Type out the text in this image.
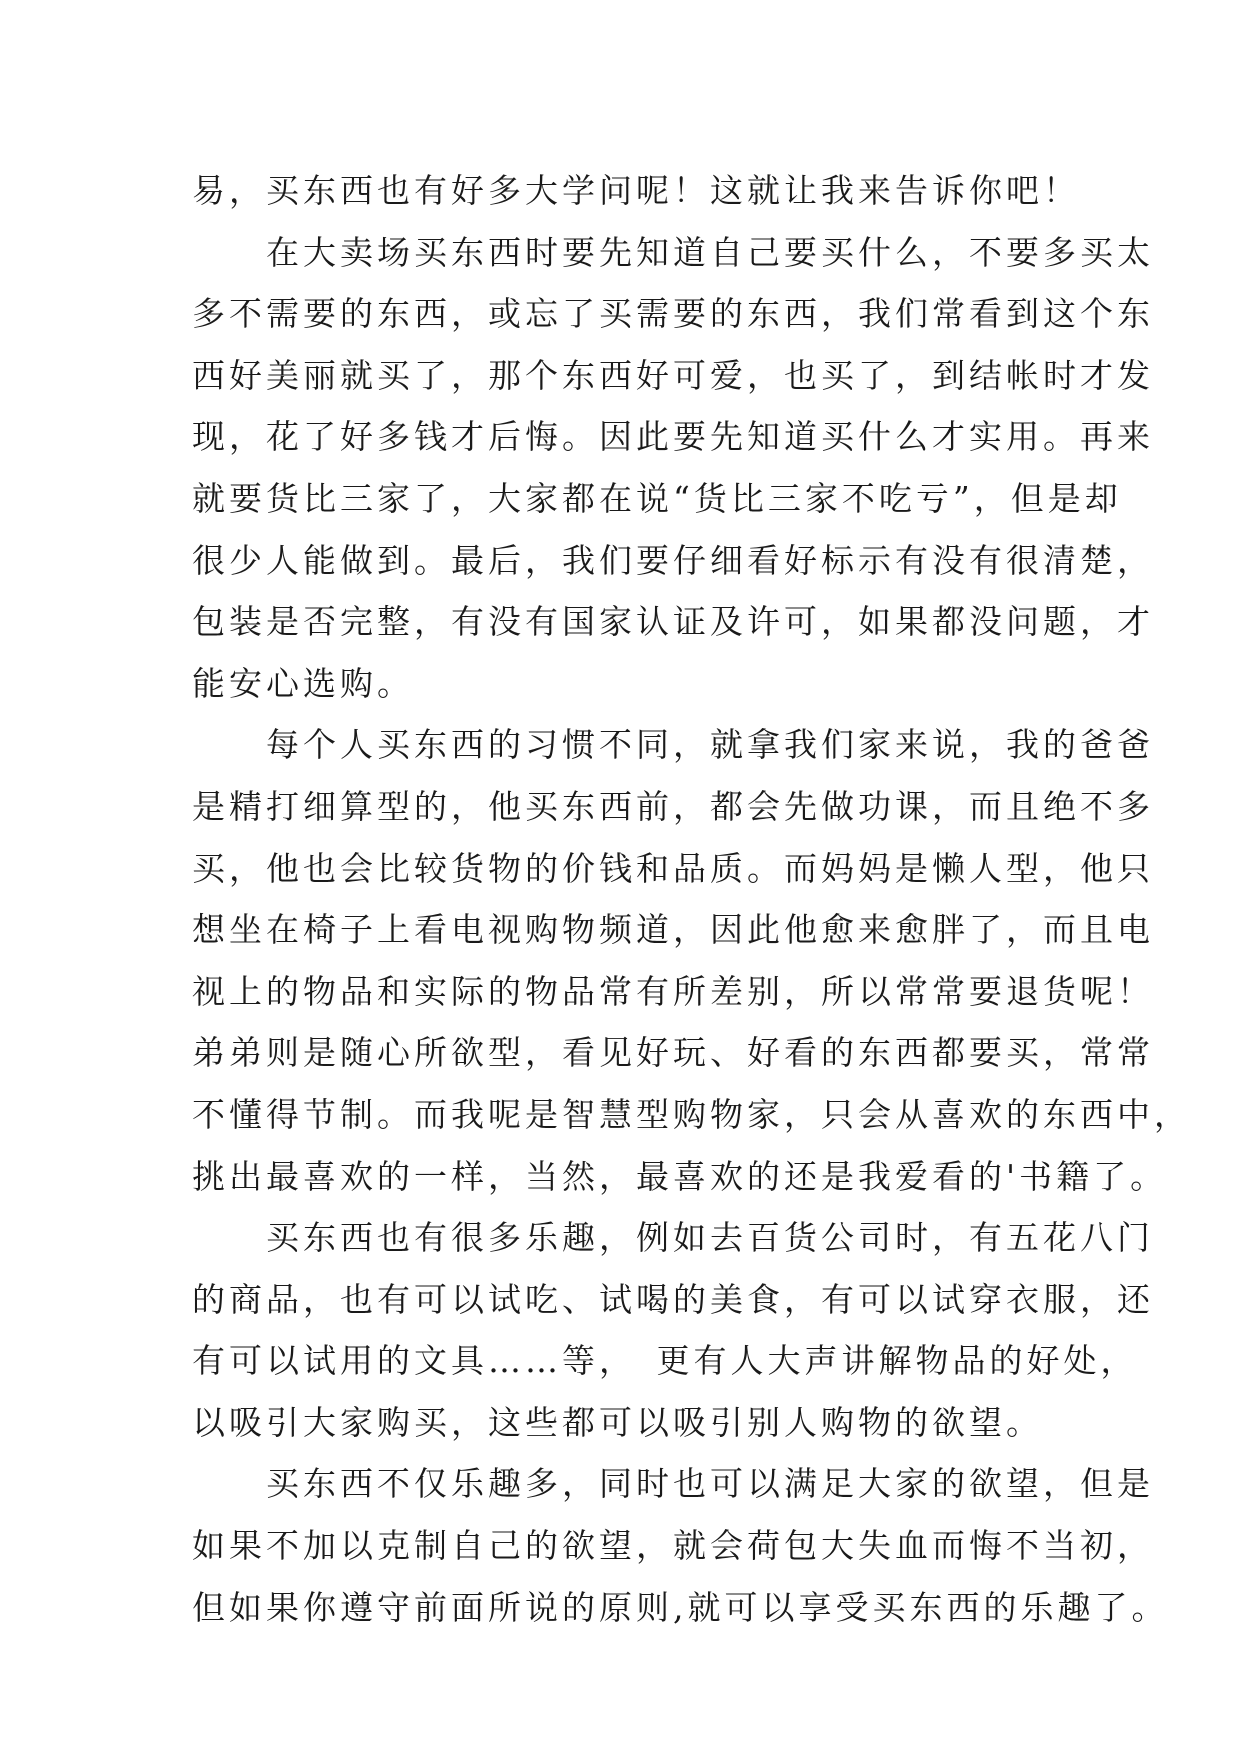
易，买东西也有好多大学问呢！这就让我来告诉你吧！
　　在大卖场买东西时要先知道自己要买什么，不要多买太
多不需要的东西，或忘了买需要的东西，我们常看到这个东
西好美丽就买了，那个东西好可爱，也买了，到结帐时才发
现，花了好多钱才后悔。因此要先知道买什么才实用。再来
就要货比三家了，大家都在说“货比三家不吃亏”，但是却
很少人能做到。最后，我们要仔细看好标示有没有很清楚，
包装是否完整，有没有国家认证及许可，如果都没问题，才
能安心选购。
　　每个人买东西的习惯不同，就拿我们家来说，我的爸爸
是精打细算型的，他买东西前，都会先做功课，而且绝不多
买，他也会比较货物的价钱和品质。而妈妈是懒人型，他只
想坐在椅子上看电视购物频道，因此他愈来愈胖了，而且电
视上的物品和实际的物品常有所差别，所以常常要退货呢！
弟弟则是随心所欲型，看见好玩、好看的东西都要买，常常
不懂得节制。而我呢是智慧型购物家，只会从喜欢的东西中，
挑出最喜欢的一样，当然，最喜欢的还是我爱看的'书籍了。
　　买东西也有很多乐趣，例如去百货公司时，有五花八门
的商品，也有可以试吃、试喝的美食，有可以试穿衣服，还
有可以试用的文具……等，　更有人大声讲解物品的好处，
以吸引大家购买，这些都可以吸引别人购物的欲望。
　　买东西不仅乐趣多，同时也可以满足大家的欲望，但是
如果不加以克制自己的欲望，就会荷包大失血而悔不当初，
但如果你遵守前面所说的原则,就可以享受买东西的乐趣了。
